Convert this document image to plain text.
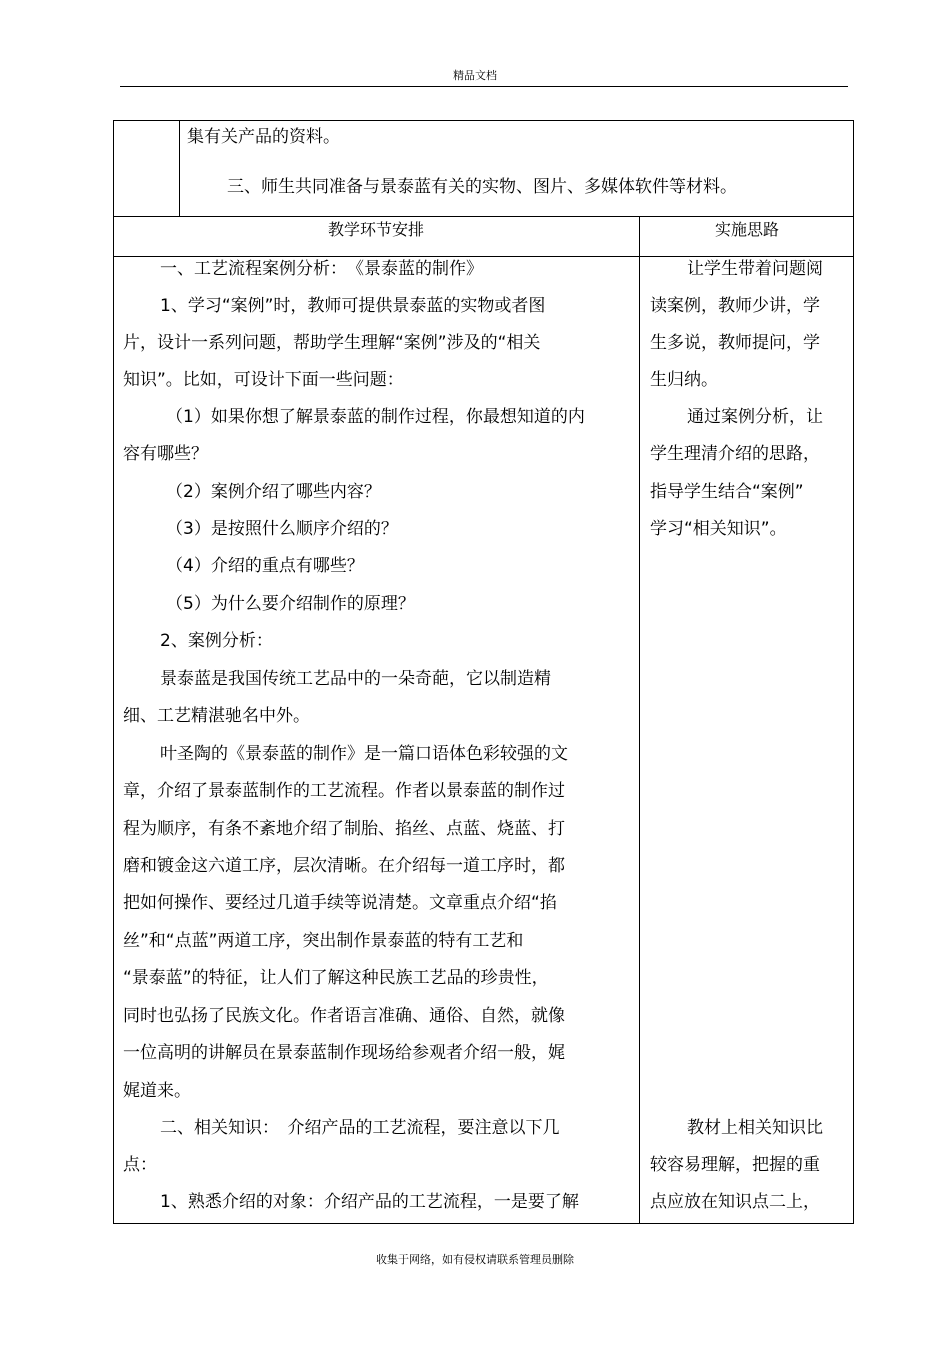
精品文档
集有关产品的资料。
三、师生共同准备与景泰蓝有关的实物、图片、多媒体软件等材料。
教学环节安排	实施思路
一、工艺流程案例分析：　《景泰蓝的制作》
1、学习“案例”时，教师可提供景泰蓝的实物或者图
片，设计一系列问题，帮助学生理解“案例”涉及的“相关
知识”。比如，可设计下面一些问题：
（1）如果你想了解景泰蓝的制作过程，你最想知道的内
容有哪些？
（2）案例介绍了哪些内容？
（3）是按照什么顺序介绍的？
（4）介绍的重点有哪些？
（5）为什么要介绍制作的原理？
2、案例分析：
景泰蓝是我国传统工艺品中的一朵奇葩，它以制造精
细、工艺精湛驰名中外。
叶圣陶的《景泰蓝的制作》是一篇口语体色彩较强的文
章，介绍了景泰蓝制作的工艺流程。作者以景泰蓝的制作过
程为顺序，有条不紊地介绍了制胎、掐丝、点蓝、烧蓝、打
磨和镀金这六道工序，层次清晰。在介绍每一道工序时，都
把如何操作、要经过几道手续等说清楚。文章重点介绍“掐
丝”和“点蓝”两道工序，突出制作景泰蓝的特有工艺和
“景泰蓝”的特征，让人们了解这种民族工艺品的珍贵性，
同时也弘扬了民族文化。作者语言准确、通俗、自然，就像
一位高明的讲解员在景泰蓝制作现场给参观者介绍一般，娓
娓道来。
二、相关知识：　介绍产品的工艺流程，要注意以下几
点：
1、熟悉介绍的对象：介绍产品的工艺流程，一是要了解
让学生带着问题阅
读案例，教师少讲，学
生多说，教师提问，学
生归纳。
通过案例分析，让
学生理清介绍的思路，
指导学生结合“案例”
学习“相关知识”。
教材上相关知识比
较容易理解，把握的重
点应放在知识点二上，
收集于网络，如有侵权请联系管理员删除
